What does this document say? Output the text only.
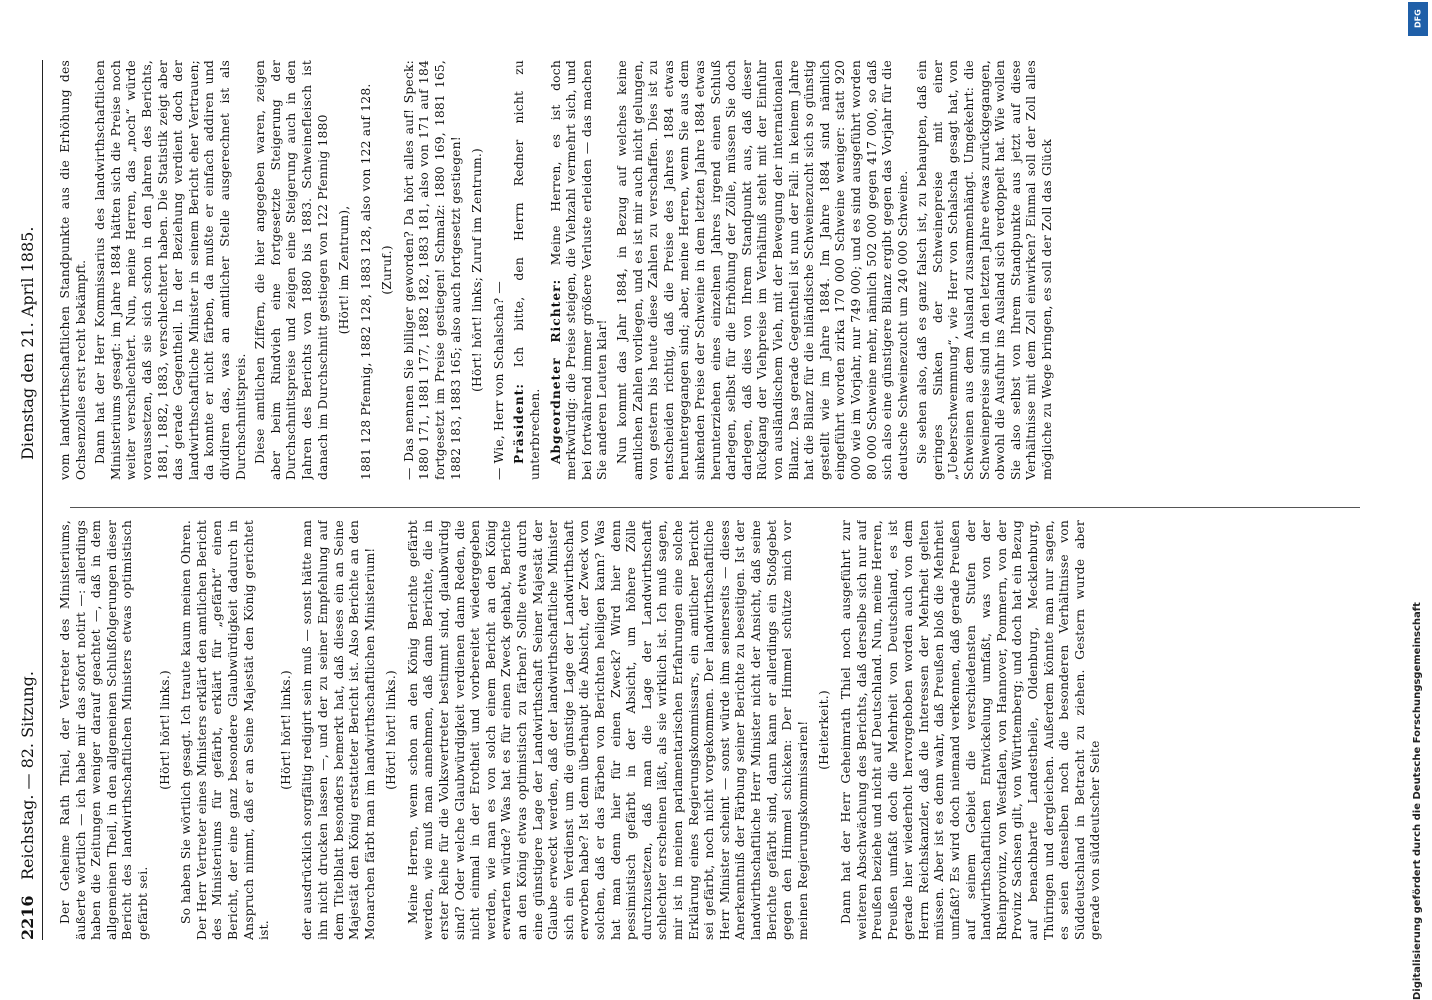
2216
Reichstag. — 82. Sitzung.
Dienstag den 21. April 1885.

Der Geheime Rath Thiel, der Vertreter des Ministeriums, äußerte wörtlich — ich habe mir das sofort notirt —: allerdings haben die Zeitungen weniger darauf geachtet —, daß in dem allgemeinen Theil, in den allgemeinen Schlußfolgerungen dieser Bericht des landwirthschaftlichen Ministers etwas optimistisch gefärbt sei.

(Hört! hört! links.) So haben Sie wörtlich gesagt. Ich traute kaum meinen Ohren. Der Herr Vertreter eines Ministers erklärt den amtlichen Bericht des Ministeriums für gefärbt, erklärt für „gefärbt“ einen Bericht, der eine ganz besondere Glaubwürdigkeit dadurch in Anspruch nimmt, daß er an Seine Majestät den König gerichtet ist.

(Hört! hört! links.) der ausdrücklich sorgfältig redigirt sein muß — sonst hätte man ihn nicht drucken lassen —, und der zu seiner Empfehlung auf dem Titelblatt besonders bemerkt hat, daß dieses ein an Seine Majestät den König erstatteter Bericht ist. Also Berichte an den Monarchen färbt man im landwirthschaftlichen Ministerium! (Hört! hört! links.) Meine Herren, wenn schon an den König Berichte gefärbt werden, wie muß man annehmen, daß dann Berichte, die in erster Reihe für die Volksvertreter bestimmt sind, glaubwürdig sind? Oder welche Glaubwürdigkeit verdienen dann Reden, die nicht einmal in der Erotheit und vorbereitet wiedergegeben werden, wie man es von solch einem Bericht an den König erwarten würde? Was hat es für einen Zweck gehabt, Berichte an den König etwas optimistisch zu färben? Sollte etwa durch eine günstigere Lage der Landwirthschaft Seiner Majestät der Glaube erweckt werden, daß der landwirthschaftliche Minister sich ein Verdienst um die günstige Lage der Landwirthschaft erworben habe? Ist denn überhaupt die Absicht, der Zweck von solchen, daß er das Färben von Berichten heiligen kann? Was hat man denn hier für einen Zweck? Wird hier denn pessimistisch gefärbt in der Absicht, um höhere Zölle durchzusetzen, daß man die Lage der Landwirthschaft schlechter erscheinen läßt, als sie wirklich ist. Ich muß sagen, mir ist in meinen parlamentarischen Erfahrungen eine solche Erklärung eines Regierungskommissars, ein amtlicher Bericht sei gefärbt, noch nicht vorgekommen. Der landwirthschaftliche Herr Minister scheint — sonst würde ihm seinerseits — dieses Anerkenntniß der Färbung seiner Berichte zu beseitigen. Ist der landwirthschaftliche Herr Minister nicht der Ansicht, daß seine Berichte gefärbt sind, dann kann er allerdings ein Stoßgebet gegen den Himmel schicken: Der Himmel schütze mich vor meinen Regierungskommissarien! (Heiterkeit.) Dann hat der Herr Geheimrath Thiel noch ausgeführt zur weiteren Abschwächung des Berichts, daß derselbe sich nur auf Preußen beziehe und nicht auf Deutschland. Nun, meine Herren, Preußen umfaßt doch die Mehrheit von Deutschland, es ist gerade hier wiederholt hervorgehoben worden auch von dem Herrn Reichskanzler, daß die Interessen der Mehrheit gelten müssen. Aber ist es denn wahr, daß Preußen bloß die Mehrheit umfaßt? Es wird doch niemand verkennen, daß gerade Preußen auf seinem Gebiet die verschiedensten Stufen der landwirthschaftlichen Entwickelung umfaßt, was von der Rheinprovinz, von Westfalen, von Hannover, Pommern, von der Provinz Sachsen gilt, von Württemberg; und doch hat ein Bezug auf benachbarte Landestheile, Oldenburg, Mecklenburg, Thüringen und dergleichen. Außerdem könnte man nur sagen, es seien denselben noch die besonderen Verhältnisse von Süddeutschland in Betracht zu ziehen. Gestern wurde aber gerade von süddeutscher Seite

vom landwirthschaftlichen Standpunkte aus die Erhöhung des Ochsenzolles erst recht bekämpft. Dann hat der Herr Kommissarius des landwirthschaftlichen Ministeriums gesagt: im Jahre 1884 hätten sich die Preise noch weiter verschlechtert. Nun, meine Herren, das „noch“ würde voraussetzen, daß sie sich schon in den Jahren des Berichts, 1881, 1882, 1883, verschlechtert haben. Die Statistik zeigt aber das gerade Gegentheil. In der Beziehung verdient doch der landwirthschaftliche Minister in seinem Bericht eher Vertrauen; da konnte er nicht färben, da mußte er einfach addiren und dividiren das, was an amtlicher Stelle ausgerechnet ist als Durchschnittspreis. Diese amtlichen Ziffern, die hier angegeben waren, zeigen aber beim Rindvieh eine fortgesetzte Steigerung der Durchschnittspreise und zeigen eine Steigerung auch in den Jahren des Berichts von 1880 bis 1883. Schweinefleisch ist danach im Durchschnitt gestiegen von 122 Pfennig 1880 (Hört! im Zentrum), 1881 128 Pfennig, 1882 128, 1883 128, also von 122 auf 128. (Zuruf.) — Das nennen Sie billiger geworden? Da hört alles auf! Speck: 1880 171, 1881 177, 1882 182, 1883 181, also von 171 auf 184 fortgesetzt im Preise gestiegen! Schmalz: 1880 169, 1881 165, 1882 183, 1883 165; also auch fortgesetzt gestiegen! (Hört! hört! links; Zuruf im Zentrum.) — Wie, Herr von Schalscha? — Präsident: Ich bitte, den Herrn Redner nicht zu unterbrechen. Abgeordneter Richter: Meine Herren, es ist doch merkwürdig: die Preise steigen, die Viehzahl vermehrt sich, und bei fortwährend immer größere Verluste erleiden — das machen Sie anderen Leuten klar! Nun kommt das Jahr 1884, in Bezug auf welches keine amtlichen Zahlen vorliegen, und es ist mir auch nicht gelungen, von gestern bis heute diese Zahlen zu verschaffen. Dies ist zu entscheiden richtig, daß die Preise des Jahres 1884 etwas heruntergegangen sind; aber, meine Herren, wenn Sie aus dem sinkenden Preise der Schweine in dem letzten Jahre 1884 etwas herunterziehen eines einzelnen Jahres irgend einen Schluß darlegen, selbst für die Erhöhung der Zölle, müssen Sie doch darlegen, daß dies von Ihrem Standpunkt aus, daß dieser Rückgang der Viehpreise im Verhältniß steht mit der Einfuhr von ausländischem Vieh, mit der Bewegung der internationalen Bilanz. Das gerade Gegentheil ist nun der Fall: in keinem Jahre hat die Bilanz für die inländische Schweinezucht sich so günstig gestellt wie im Jahre 1884. Im Jahre 1884 sind nämlich eingeführt worden zirka 170 000 Schweine weniger: statt 920 000 wie im Vorjahr, nur 749 000; und es sind ausgeführt worden 80 000 Schweine mehr, nämlich 502 000 gegen 417 000, so daß sich also eine günstigere Bilanz ergibt gegen das Vorjahr für die deutsche Schweinezucht um 240 000 Schweine. Sie sehen also, daß es ganz falsch ist, zu behaupten, daß ein geringes Sinken der Schweinepreise mit einer „Ueberschwemmung“, wie Herr von Schalscha gesagt hat, von Schweinen aus dem Ausland zusammenhängt. Umgekehrt: die Schweinepreise sind in den letzten Jahre etwas zurückgegangen, obwohl die Ausfuhr ins Ausland sich verdoppelt hat. Wie wollen Sie also selbst von Ihrem Standpunkte aus jetzt auf diese Verhältnisse mit dem Zoll einwirken? Einmal soll der Zoll alles mögliche zu Wege bringen, es soll der Zoll das Glück

Digitalisierung gefördert durch die Deutsche Forschungsgemeinschaft
DFG
